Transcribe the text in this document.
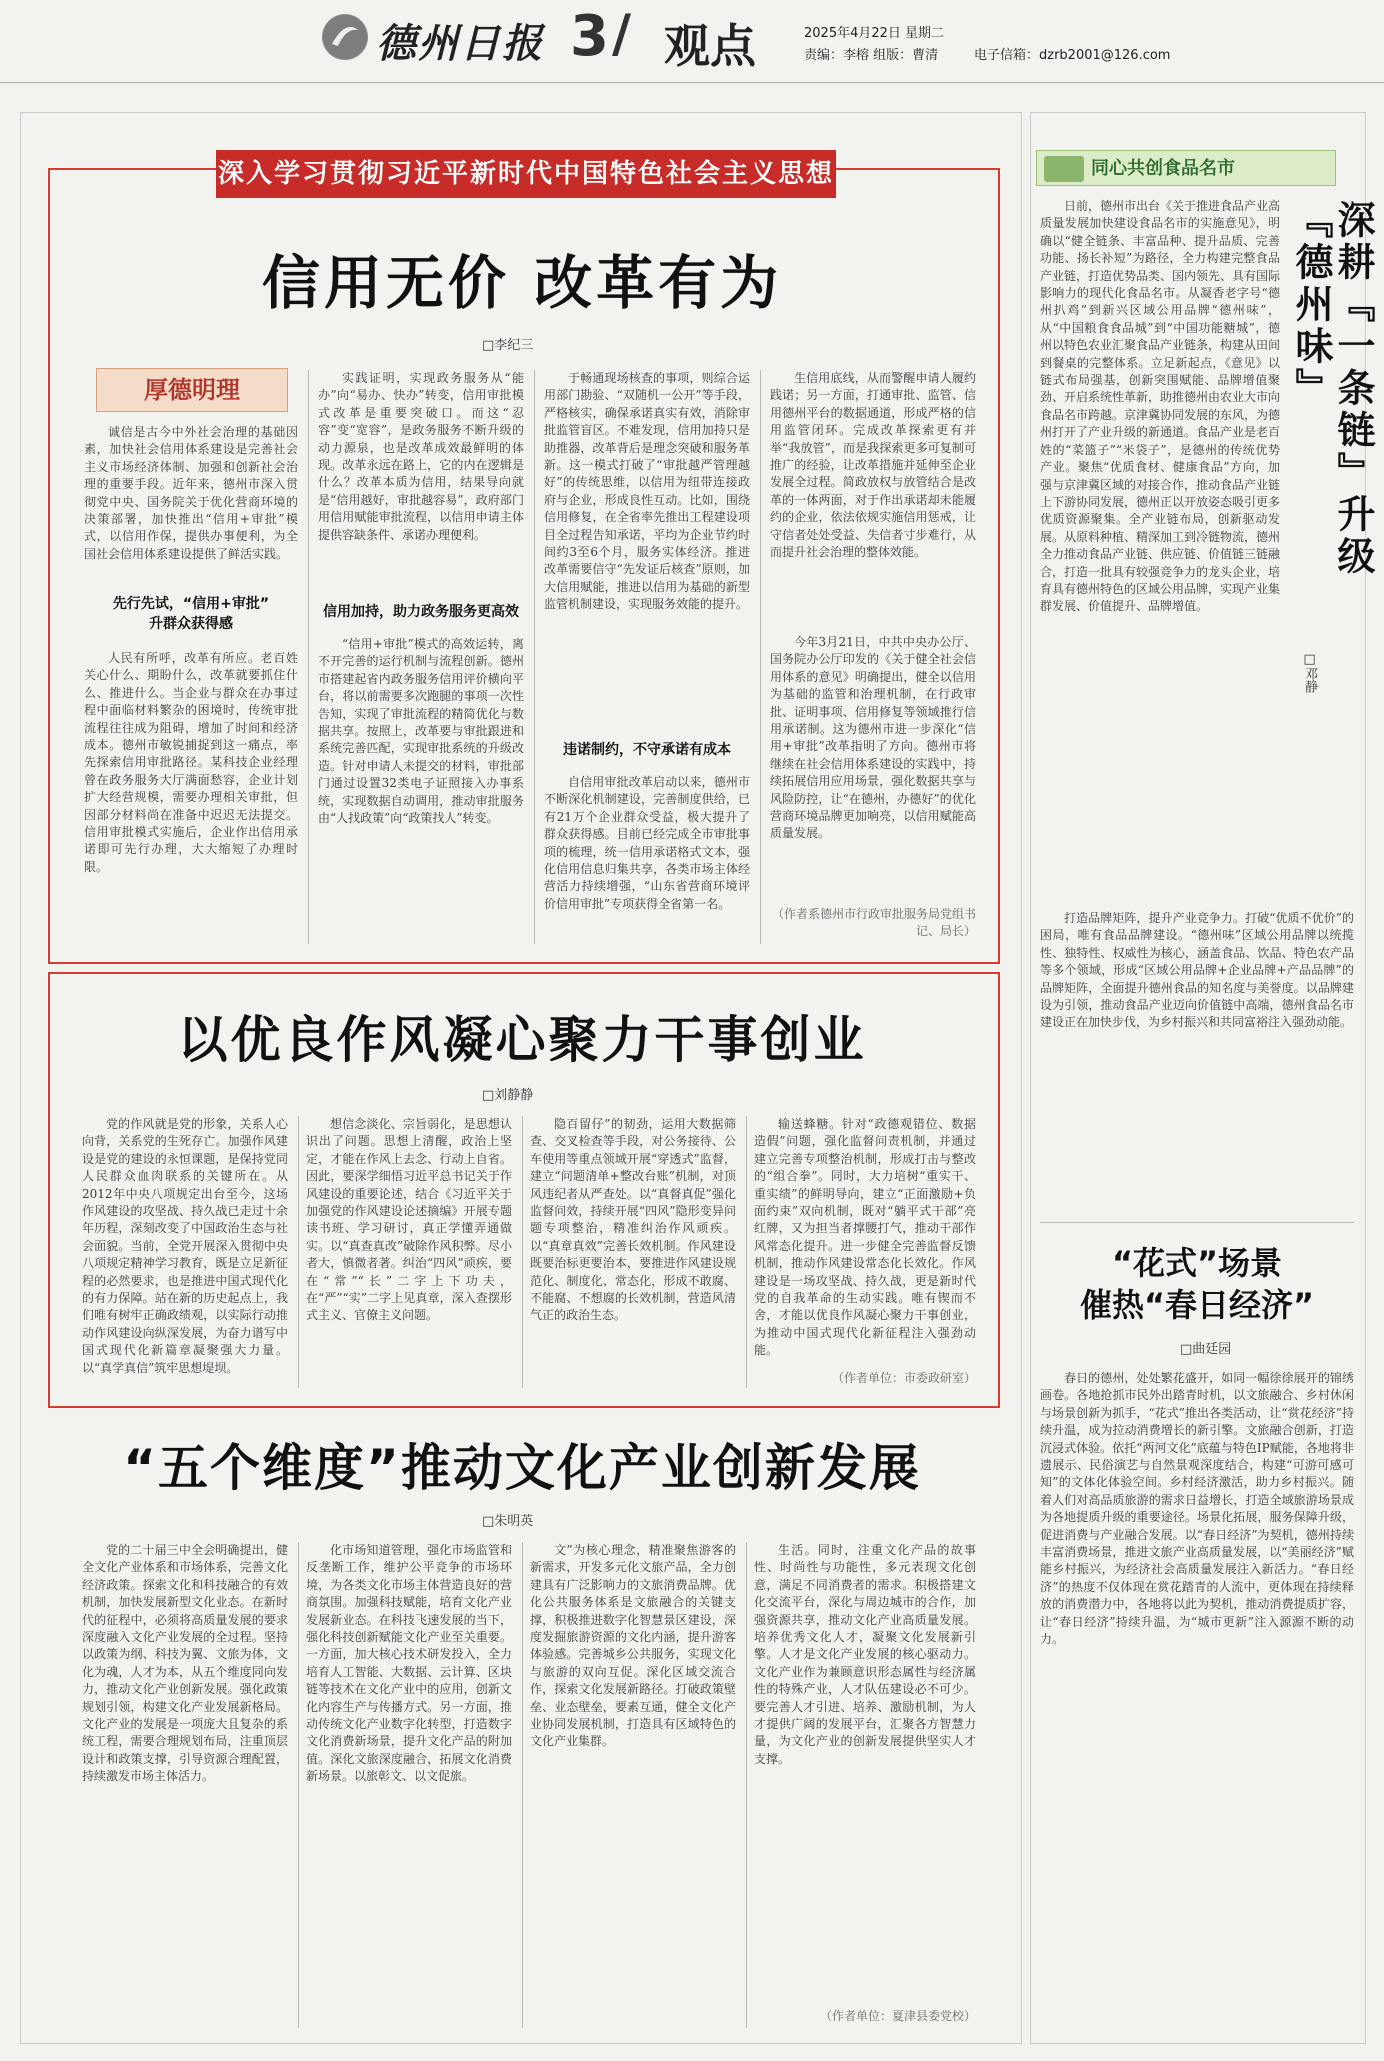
德州日报 3 / 观点	2025年4月22日 星期二
责编：李榕 组版：曹清	电子信箱：dzrb2001@126.com
深入学习贯彻习近平新时代中国特色社会主义思想
信用无价 改革有为
□李纪三
厚德明理

诚信是古今中外社会治理的基础因素，加快社会信用体系建设是完善社会主义市场经济体制、加强和创新社会治理的重要手段。近年来，德州市深入贯彻党中央、国务院关于优化营商环境的决策部署，加快推出“信用+审批”模式，以信用作保，提供办事便利，为全国社会信用体系建设提供了鲜活实践。

先行先试，“信用+审批”
升群众获得感

人民有所呼，改革有所应。老百姓关心什么、期盼什么，改革就要抓住什么、推进什么。当企业与群众在办事过程中面临材料繁杂的困境时，传统审批流程往往成为阻碍，增加了时间和经济成本。德州市敏锐捕捉到这一痛点，率先探索信用审批路径。某科技企业经理曾在政务服务大厅满面愁容，企业计划扩大经营规模，需要办理相关审批，但因部分材料尚在准备中迟迟无法提交。信用审批模式实施后，企业作出信用承诺即可先行办理，大大缩短了办理时限。

实践证明，实现政务服务从“能办”向“易办、快办”转变，信用审批模式改革是重要突破口。而这“忍容”变“宽容”，是政务服务不断升级的动力源泉，也是改革成效最鲜明的体现。改革永远在路上，它的内在逻辑是什么？改革本质为信用，结果导向就是“信用越好，审批越容易”，政府部门用信用赋能审批流程，以信用申请主体提供容缺条件、承诺办理便利。

信用加持，助力政务服务更高效

“信用+审批”模式的高效运转，离不开完善的运行机制与流程创新。德州市搭建起省内政务服务信用评价横向平台，将以前需要多次跑腿的事项一次性告知，实现了审批流程的精简优化与数据共享。按照上，改革要与审批跟进和系统完善匹配，实现审批系统的升级改造。针对申请人未提交的材料，审批部门通过设置32类电子证照接入办事系统，实现数据自动调用，推动审批服务由“人找政策”向“政策找人”转变。

于畅通现场核查的事项，则综合运用部门勘验、“双随机一公开”等手段，严格核实，确保承诺真实有效，消除审批监管盲区。不难发现，信用加持只是助推器，改革背后是理念突破和服务革新。这一模式打破了“审批越严管理越好”的传统思维，以信用为纽带连接政府与企业，形成良性互动。比如，围绕信用修复，在全省率先推出工程建设项目全过程告知承诺，平均为企业节约时间约3至6个月，服务实体经济。推进改革需要信守“先发证后核查”原则，加大信用赋能，推进以信用为基础的新型监管机制建设，实现服务效能的提升。

违诺制约，不守承诺有成本

自信用审批改革启动以来，德州市不断深化机制建设，完善制度供给，已有21万个企业群众受益，极大提升了群众获得感。目前已经完成全市审批事项的梳理，统一信用承诺格式文本，强化信用信息归集共享，各类市场主体经营活力持续增强，“山东省营商环境评价信用审批”专项获得全省第一名。

生信用底线，从而警醒申请人履约践诺；另一方面，打通审批、监管、信用德州平台的数据通道，形成严格的信用监管闭环。完成改革探索更有并举“我放管”，而是我探索更多可复制可推广的经验，让改革措施并延伸至企业发展全过程。简政放权与放管结合是改革的一体两面，对于作出承诺却未能履约的企业，依法依规实施信用惩戒，让守信者处处受益、失信者寸步难行，从而提升社会治理的整体效能。

今年3月21日，中共中央办公厅、国务院办公厅印发的《关于健全社会信用体系的意见》明确提出，健全以信用为基础的监管和治理机制，在行政审批、证明事项、信用修复等领域推行信用承诺制。这为德州市进一步深化“信用+审批”改革指明了方向。德州市将继续在社会信用体系建设的实践中，持续拓展信用应用场景，强化数据共享与风险防控，让“在德州，办德好”的优化营商环境品牌更加响亮，以信用赋能高质量发展。

（作者系德州市行政审批服务局党组书记、局长）
以优良作风凝心聚力干事创业
□刘静静

党的作风就是党的形象，关系人心向背，关系党的生死存亡。加强作风建设是党的建设的永恒课题，是保持党同人民群众血肉联系的关键所在。从2012年中央八项规定出台至今，这场作风建设的攻坚战、持久战已走过十余年历程，深刻改变了中国政治生态与社会面貌。当前，全党开展深入贯彻中央八项规定精神学习教育，既是立足新征程的必然要求，也是推进中国式现代化的有力保障。站在新的历史起点上，我们唯有树牢正确政绩观，以实际行动推动作风建设向纵深发展，为奋力谱写中国式现代化新篇章凝聚强大力量。以“真学真信”筑牢思想堤坝。

想信念淡化、宗旨弱化，是思想认识出了问题。思想上清醒，政治上坚定，才能在作风上去念、行动上自省。因此，要深学细悟习近平总书记关于作风建设的重要论述，结合《习近平关于加强党的作风建设论述摘编》开展专题读书班、学习研讨，真正学懂弄通做实。以“真查真改”破除作风积弊。尽小者大，慎微者著。纠治“四风”顽疾，要在“常”“长”二字上下功夫，在“严”“实”二字上见真章，深入查摆形式主义、官僚主义问题。

隐百留仔”的韧劲，运用大数据筛查、交叉检查等手段，对公务接待、公车使用等重点领域开展“穿透式”监督，建立“问题清单+整改台账”机制，对顶风违纪者从严查处。以“真督真促”强化监督问效，持续开展“四风”隐形变异问题专项整治，精准纠治作风顽疾。以“真章真效”完善长效机制。作风建设既要治标更要治本，要推进作风建设规范化、制度化、常态化，形成不敢腐、不能腐、不想腐的长效机制，营造风清气正的政治生态。

输送蜂糖。针对“政德观错位、数据造假”问题，强化监督问责机制，并通过建立完善专项整治机制，形成打击与整改的“组合拳”。同时，大力培树“重实干、重实绩”的鲜明导向，建立“正面激励+负面约束”双向机制，既对“躺平式干部”亮红牌，又为担当者撑腰打气，推动干部作风常态化提升。进一步健全完善监督反馈机制，推动作风建设常态化长效化。作风建设是一场攻坚战、持久战，更是新时代党的自我革命的生动实践。唯有锲而不舍，才能以优良作风凝心聚力干事创业，为推动中国式现代化新征程注入强劲动能。

（作者单位：市委政研室）
“五个维度”推动文化产业创新发展
□朱明英

党的二十届三中全会明确提出，健全文化产业体系和市场体系，完善文化经济政策。探索文化和科技融合的有效机制，加快发展新型文化业态。在新时代的征程中，必须将高质量发展的要求深度融入文化产业发展的全过程。坚持以政策为纲、科技为翼、文旅为体，文化为魂，人才为本，从五个维度同向发力，推动文化产业创新发展。强化政策规划引领，构建文化产业发展新格局。文化产业的发展是一项庞大且复杂的系统工程，需要合理规划布局，注重顶层设计和政策支撑，引导资源合理配置，持续激发市场主体活力。

化市场知道管理，强化市场监管和反垄断工作，维护公平竞争的市场环境，为各类文化市场主体营造良好的营商氛围。加强科技赋能，培育文化产业发展新业态。在科技飞速发展的当下，强化科技创新赋能文化产业至关重要。一方面，加大核心技术研发投入，全力培育人工智能、大数据、云计算、区块链等技术在文化产业中的应用，创新文化内容生产与传播方式。另一方面，推动传统文化产业数字化转型，打造数字文化消费新场景，提升文化产品的附加值。深化文旅深度融合，拓展文化消费新场景。以旅彰文、以文促旅。

文”为核心理念，精准聚焦游客的新需求，开发多元化文旅产品，全力创建具有广泛影响力的文旅消费品牌。优化公共服务体系是文旅融合的关键支撑，积极推进数字化智慧景区建设，深度发掘旅游资源的文化内涵，提升游客体验感。完善城乡公共服务，实现文化与旅游的双向互促。深化区域交流合作，探索文化发展新路径。打破政策壁垒、业态壁垒，要素互通，健全文化产业协同发展机制，打造具有区域特色的文化产业集群。

生活。同时，注重文化产品的故事性、时尚性与功能性，多元表现文化创意，满足不同消费者的需求。积极搭建文化交流平台，深化与周边城市的合作，加强资源共享，推动文化产业高质量发展。培养优秀文化人才，凝聚文化发展新引擎。人才是文化产业发展的核心驱动力。文化产业作为兼顾意识形态属性与经济属性的特殊产业，人才队伍建设必不可少。要完善人才引进、培养、激励机制，为人才提供广阔的发展平台，汇聚各方智慧力量，为文化产业的创新发展提供坚实人才支撑。

（作者单位：夏津县委党校）
同心共创食品名市
深耕『一条链』升级『德州味』
□邓静

日前，德州市出台《关于推进食品产业高质量发展加快建设食品名市的实施意见》，明确以“健全链条、丰富品种、提升品质、完善功能、扬长补短”为路径，全力构建完整食品产业链，打造优势品类、国内领先、具有国际影响力的现代化食品名市。从凝香老字号“德州扒鸡”到新兴区域公用品牌“德州味”，从“中国粮食食品城”到“中国功能糖城”，德州以特色农业汇聚食品产业链条，构建从田间到餐桌的完整体系。立足新起点，《意见》以链式布局强基，创新突围赋能、品牌增值聚劲、开启系统性革新，助推德州由农业大市向食品名市跨越。京津冀协同发展的东风，为德州打开了产业升级的新通道。食品产业是老百姓的“菜篮子”“米袋子”，是德州的传统优势产业。聚焦“优质食材、健康食品”方向，加强与京津冀区域的对接合作，推动食品产业链上下游协同发展，德州正以开放姿态吸引更多优质资源聚集。全产业链布局，创新驱动发展。从原料种植、精深加工到冷链物流，德州全力推动食品产业链、供应链、价值链三链融合，打造一批具有较强竞争力的龙头企业，培育具有德州特色的区域公用品牌，实现产业集群发展、价值提升、品牌增值。

打造品牌矩阵，提升产业竞争力。打破“优质不优价”的困局，唯有食品品牌建设。“德州味”区域公用品牌以统揽性、独特性、权威性为核心，涵盖食品、饮品、特色农产品等多个领域，形成“区域公用品牌+企业品牌+产品品牌”的品牌矩阵，全面提升德州食品的知名度与美誉度。以品牌建设为引领，推动食品产业迈向价值链中高端，德州食品名市建设正在加快步伐，为乡村振兴和共同富裕注入强劲动能。

“花式”场景
催热“春日经济”
□曲廷园

春日的德州，处处繁花盛开，如同一幅徐徐展开的锦绣画卷。各地抢抓市民外出踏青时机，以文旅融合、乡村休闲与场景创新为抓手，“花式”推出各类活动，让“赏花经济”持续升温，成为拉动消费增长的新引擎。文旅融合创新，打造沉浸式体验。依托“两河文化”底蕴与特色IP赋能，各地将非遗展示、民俗演艺与自然景观深度结合，构建“可游可感可知”的文体化体验空间。乡村经济激活，助力乡村振兴。随着人们对高品质旅游的需求日益增长，打造全域旅游场景成为各地提质升级的重要途径。场景化拓展，服务保障升级，促进消费与产业融合发展。以“春日经济”为契机，德州持续丰富消费场景，推进文旅产业高质量发展，以“美丽经济”赋能乡村振兴，为经济社会高质量发展注入新活力。“春日经济”的热度不仅体现在赏花踏青的人流中，更体现在持续释放的消费潜力中，各地将以此为契机，推动消费提质扩容，让“春日经济”持续升温，为“城市更新”注入源源不断的动力。
